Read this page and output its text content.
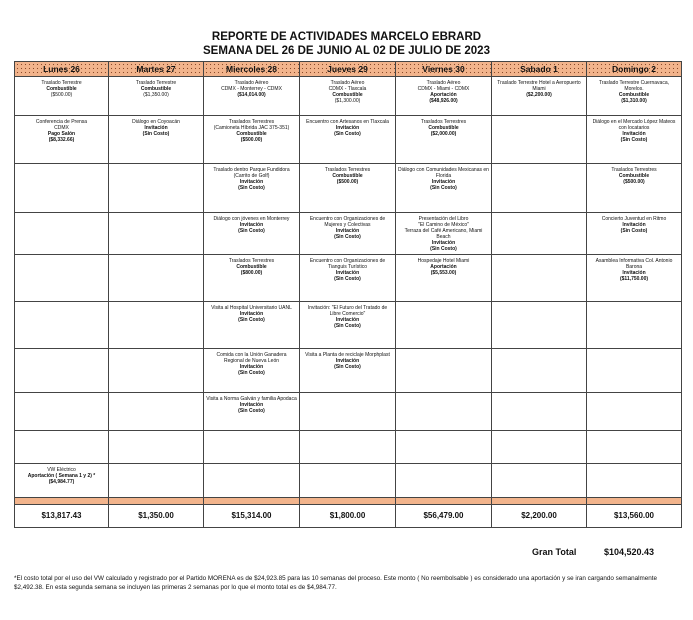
REPORTE DE ACTIVIDADES MARCELO EBRARD
SEMANA DEL 26 DE JUNIO AL 02 DE JULIO DE 2023
Lunes 26	Martes 27	Miercoles 28	Jueves 29	Viernes 30	Sabado 1	Domingo 2

Traslado Terrestre
Combustible
($500.00)	Traslado Terrestre
Combustible
($1,350.00)	Traslado Aéreo
CDMX - Monterrey - CDMX
($14,014.00)	Traslado Aéreo
CDMX - Tlaxcala
Combustible
($1,300.00)	Traslado Aéreo
CDMX - Miami - CDMX
Aportación
($48,926.00)	Traslado Terrestre Hotel a Aeropuerto Miami
($2,200.00)	Traslado Terrestre Cuernavaca, Morelos.
Combustible
($1,310.00)

Conferencia de Prensa
CDMX
Pago Salón
($8,332.66)	Diálogo en Coyoacán
Invitación
(Sin Costo)	Traslados Terrestres
(Camioneta Híbrida JAC 375-351)
Combustible
($500.00)	Encuentro con Artesanos en Tlaxcala
Invitación
(Sin Costo)	Traslados Terrestres
Combustible
($2,000.00)		Diálogo en el Mercado López Mateos con locatarios
Invitación
(Sin Costo)

		Traslado dentro Parque Fundidora (Carrito de Golf)
Invitación
(Sin Costo)	Traslados Terrestres
Combustible
($500.00)	Diálogo con Comunidades Mexicanas en Florida
Invitación
(Sin Costo)		Traslados Terrestres
Combustible
($500.00)

		Diálogo con jóvenes en Monterrey
Invitación
(Sin Costo)	Encuentro con Organizaciones de Mujeres y Colectivas
Invitación
(Sin Costo)	Presentación del Libro
"El Camino de México"
Terraza del Café Americano, Miami Beach
Invitación
(Sin Costo)		Concierto Juventud en Ritmo
Invitación
(Sin Costo)

		Traslados Terrestres
Combustible
($800.00)	Encuentro con Organizaciones de Tianguis Turístico
Invitación
(Sin Costo)	Hospedaje Hotel Miami
Aportación
($5,553.00)		Asamblea Informativa Col. Antonio Barona
Invitación
($11,750.00)

		Visita al Hospital Universitario UANL
Invitación
(Sin Costo)	Invitación: "El Futuro del Tratado de Libre Comercio"
Invitación
(Sin Costo)			

		Comida con la Unión Ganadera Regional de Nueva León
Invitación
(Sin Costo)	Visita a Planta de reciclaje Morphplast
Invitación
(Sin Costo)			

		Visita a Norma Galván y familia Apodaca
Invitación
(Sin Costo)				

VW Eléctrico
Aportación ( Semana 1 y 2) *
($4,984.77)						

$13,817.43	$1,350.00	$15,314.00	$1,800.00	$56,479.00	$2,200.00	$13,560.00
Gran Total	$104,520.43
*El costo total por el uso del VW calculado y registrado por el Partido MORENA es de $24,923.85 para las 10 semanas del proceso. Este monto ( No reembolsable ) es considerado una aportación y se iran cargando semanalmente $2,492.38. En esta segunda semana se incluyen las primeras 2 semanas por lo que el monto total es de $4,984.77.
